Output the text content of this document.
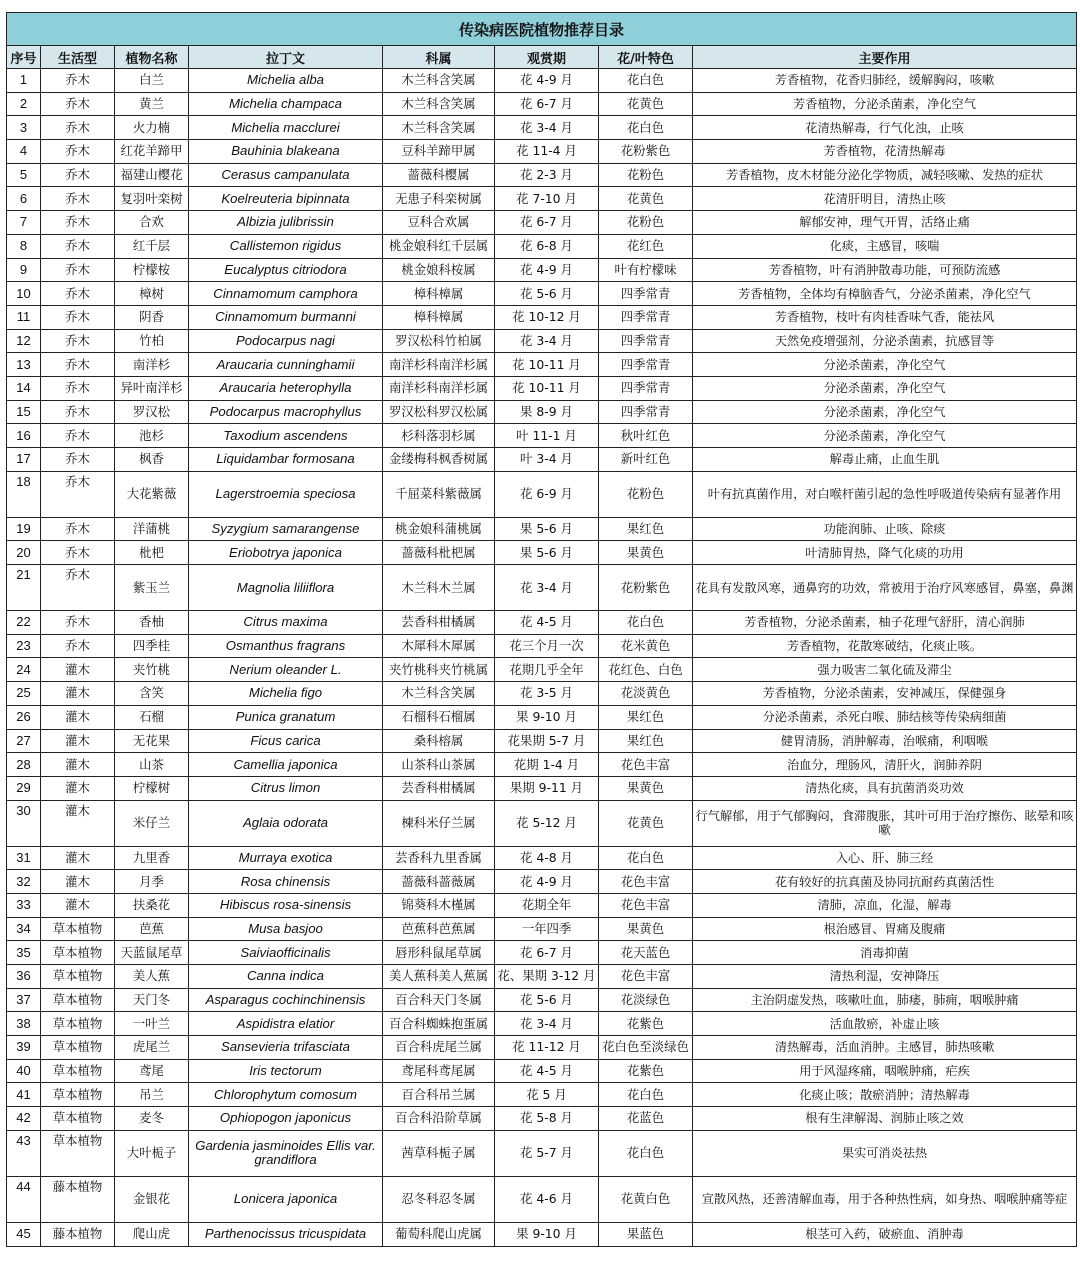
传染病医院植物推荐目录							
序号	生活型	植物名称	拉丁文	科属	观赏期	花/叶特色	主要作用
1	乔木	白兰	Michelia alba	木兰科含笑属	花 4-9 月	花白色	芳香植物，花香归肺经，缓解胸闷，咳嗽
2	乔木	黄兰	Michelia champaca	木兰科含笑属	花 6-7 月	花黄色	芳香植物，分泌杀菌素，净化空气
3	乔木	火力楠	Michelia macclurei	木兰科含笑属	花 3-4 月	花白色	花清热解毒，行气化浊，止咳
4	乔木	红花羊蹄甲	Bauhinia blakeana	豆科羊蹄甲属	花 11-4 月	花粉紫色	芳香植物，花清热解毒
5	乔木	福建山樱花	Cerasus campanulata	蔷薇科樱属	花 2-3 月	花粉色	芳香植物，皮木材能分泌化学物质，减轻咳嗽、发热的症状
6	乔木	复羽叶栾树	Koelreuteria bipinnata	无患子科栾树属	花 7-10 月	花黄色	花清肝明目，清热止咳
7	乔木	合欢	Albizia julibrissin	豆科合欢属	花 6-7 月	花粉色	解郁安神，理气开胃，活络止痛
8	乔木	红千层	Callistemon rigidus	桃金娘科红千层属	花 6-8 月	花红色	化痰，主感冒，咳喘
9	乔木	柠檬桉	Eucalyptus citriodora	桃金娘科桉属	花 4-9 月	叶有柠檬味	芳香植物，叶有消肿散毒功能，可预防流感
10	乔木	樟树	Cinnamomum camphora	樟科樟属	花 5-6 月	四季常青	芳香植物，全体均有樟脑香气，分泌杀菌素，净化空气
11	乔木	阴香	Cinnamomum burmanni	樟科樟属	花 10-12 月	四季常青	芳香植物，枝叶有肉桂香味气香，能祛风
12	乔木	竹柏	Podocarpus nagi	罗汉松科竹柏属	花 3-4 月	四季常青	天然免疫增强剂，分泌杀菌素，抗感冒等
13	乔木	南洋杉	Araucaria cunninghamii	南洋杉科南洋杉属	花 10-11 月	四季常青	分泌杀菌素，净化空气
14	乔木	异叶南洋杉	Araucaria heterophylla	南洋杉科南洋杉属	花 10-11 月	四季常青	分泌杀菌素，净化空气
15	乔木	罗汉松	Podocarpus macrophyllus	罗汉松科罗汉松属	果 8-9 月	四季常青	分泌杀菌素，净化空气
16	乔木	池杉	Taxodium ascendens	杉科落羽杉属	叶 11-1 月	秋叶红色	分泌杀菌素，净化空气
17	乔木	枫香	Liquidambar formosana	金缕梅科枫香树属	叶 3-4 月	新叶红色	解毒止痛，止血生肌
18	乔木	大花紫薇	Lagerstroemia speciosa	千屈菜科紫薇属	花 6-9 月	花粉色	叶有抗真菌作用，对白喉杆菌引起的急性呼吸道传染病有显著作用
19	乔木	洋蒲桃	Syzygium samarangense	桃金娘科蒲桃属	果 5-6 月	果红色	功能润肺、止咳、除痰
20	乔木	枇杷	Eriobotrya japonica	蔷薇科枇杷属	果 5-6 月	果黄色	叶清肺胃热，降气化痰的功用
21	乔木	紫玉兰	Magnolia liliiflora	木兰科木兰属	花 3-4 月	花粉紫色	花具有发散风寒，通鼻窍的功效，常被用于治疗风寒感冒，鼻塞，鼻渊
22	乔木	香柚	Citrus maxima	芸香科柑橘属	花 4-5 月	花白色	芳香植物，分泌杀菌素，柚子花理气舒肝，清心润肺
23	乔木	四季桂	Osmanthus fragrans	木犀科木犀属	花三个月一次	花米黄色	芳香植物，花散寒破结，化痰止咳。
24	灌木	夹竹桃	Nerium oleander L.	夹竹桃科夹竹桃属	花期几乎全年	花红色、白色	强力吸害二氧化硫及滞尘
25	灌木	含笑	Michelia figo	木兰科含笑属	花 3-5 月	花淡黄色	芳香植物，分泌杀菌素，安神减压，保健强身
26	灌木	石榴	Punica granatum	石榴科石榴属	果 9-10 月	果红色	分泌杀菌素，杀死白喉、肺结核等传染病细菌
27	灌木	无花果	Ficus carica	桑科榕属	花果期 5-7 月	果红色	健胃清肠，消肿解毒，治喉痛，利咽喉
28	灌木	山茶	Camellia japonica	山茶科山茶属	花期 1-4 月	花色丰富	治血分，理肠风，清肝火，润肺养阴
29	灌木	柠檬树	Citrus limon	芸香科柑橘属	果期 9-11 月	果黄色	清热化痰，具有抗菌消炎功效
30	灌木	米仔兰	Aglaia odorata	楝科米仔兰属	花 5-12 月	花黄色	行气解郁，用于气郁胸闷，食滞腹胀，其叶可用于治疗擦伤、眩晕和咳嗽
31	灌木	九里香	Murraya exotica	芸香科九里香属	花 4-8 月	花白色	入心、肝、肺三经
32	灌木	月季	Rosa chinensis	蔷薇科蔷薇属	花 4-9 月	花色丰富	花有较好的抗真菌及协同抗耐药真菌活性
33	灌木	扶桑花	Hibiscus rosa-sinensis	锦葵科木槿属	花期全年	花色丰富	清肺，凉血，化湿，解毒
34	草本植物	芭蕉	Musa basjoo	芭蕉科芭蕉属	一年四季	果黄色	根治感冒、胃痛及腹痛
35	草本植物	天蓝鼠尾草	Saiviaofficinalis	唇形科鼠尾草属	花 6-7 月	花天蓝色	消毒抑菌
36	草本植物	美人蕉	Canna indica	美人蕉科美人蕉属	花、果期 3-12 月	花色丰富	清热利湿，安神降压
37	草本植物	天门冬	Asparagus cochinchinensis	百合科天门冬属	花 5-6 月	花淡绿色	主治阴虚发热，咳嗽吐血，肺痿，肺痈，咽喉肿痛
38	草本植物	一叶兰	Aspidistra elatior	百合科蜘蛛抱蛋属	花 3-4 月	花紫色	活血散瘀，补虚止咳
39	草本植物	虎尾兰	Sansevieria trifasciata	百合科虎尾兰属	花 11-12 月	花白色至淡绿色	清热解毒，活血消肿。主感冒，肺热咳嗽
40	草本植物	鸢尾	Iris tectorum	鸢尾科鸢尾属	花 4-5 月	花紫色	用于风湿疼痛，咽喉肿痛，疟疾
41	草本植物	吊兰	Chlorophytum comosum	百合科吊兰属	花 5 月	花白色	化痰止咳；散瘀消肿；清热解毒
42	草本植物	麦冬	Ophiopogon japonicus	百合科沿阶草属	花 5-8 月	花蓝色	根有生津解渴、润肺止咳之效
43	草本植物	大叶栀子	Gardenia jasminoides Ellis var. grandiflora	茜草科栀子属	花 5-7 月	花白色	果实可消炎祛热
44	藤本植物	金银花	Lonicera japonica	忍冬科忍冬属	花 4-6 月	花黄白色	宣散风热，还善清解血毒，用于各种热性病，如身热、咽喉肿痛等症
45	藤本植物	爬山虎	Parthenocissus tricuspidata	葡萄科爬山虎属	果 9-10 月	果蓝色	根茎可入药，破瘀血、消肿毒
